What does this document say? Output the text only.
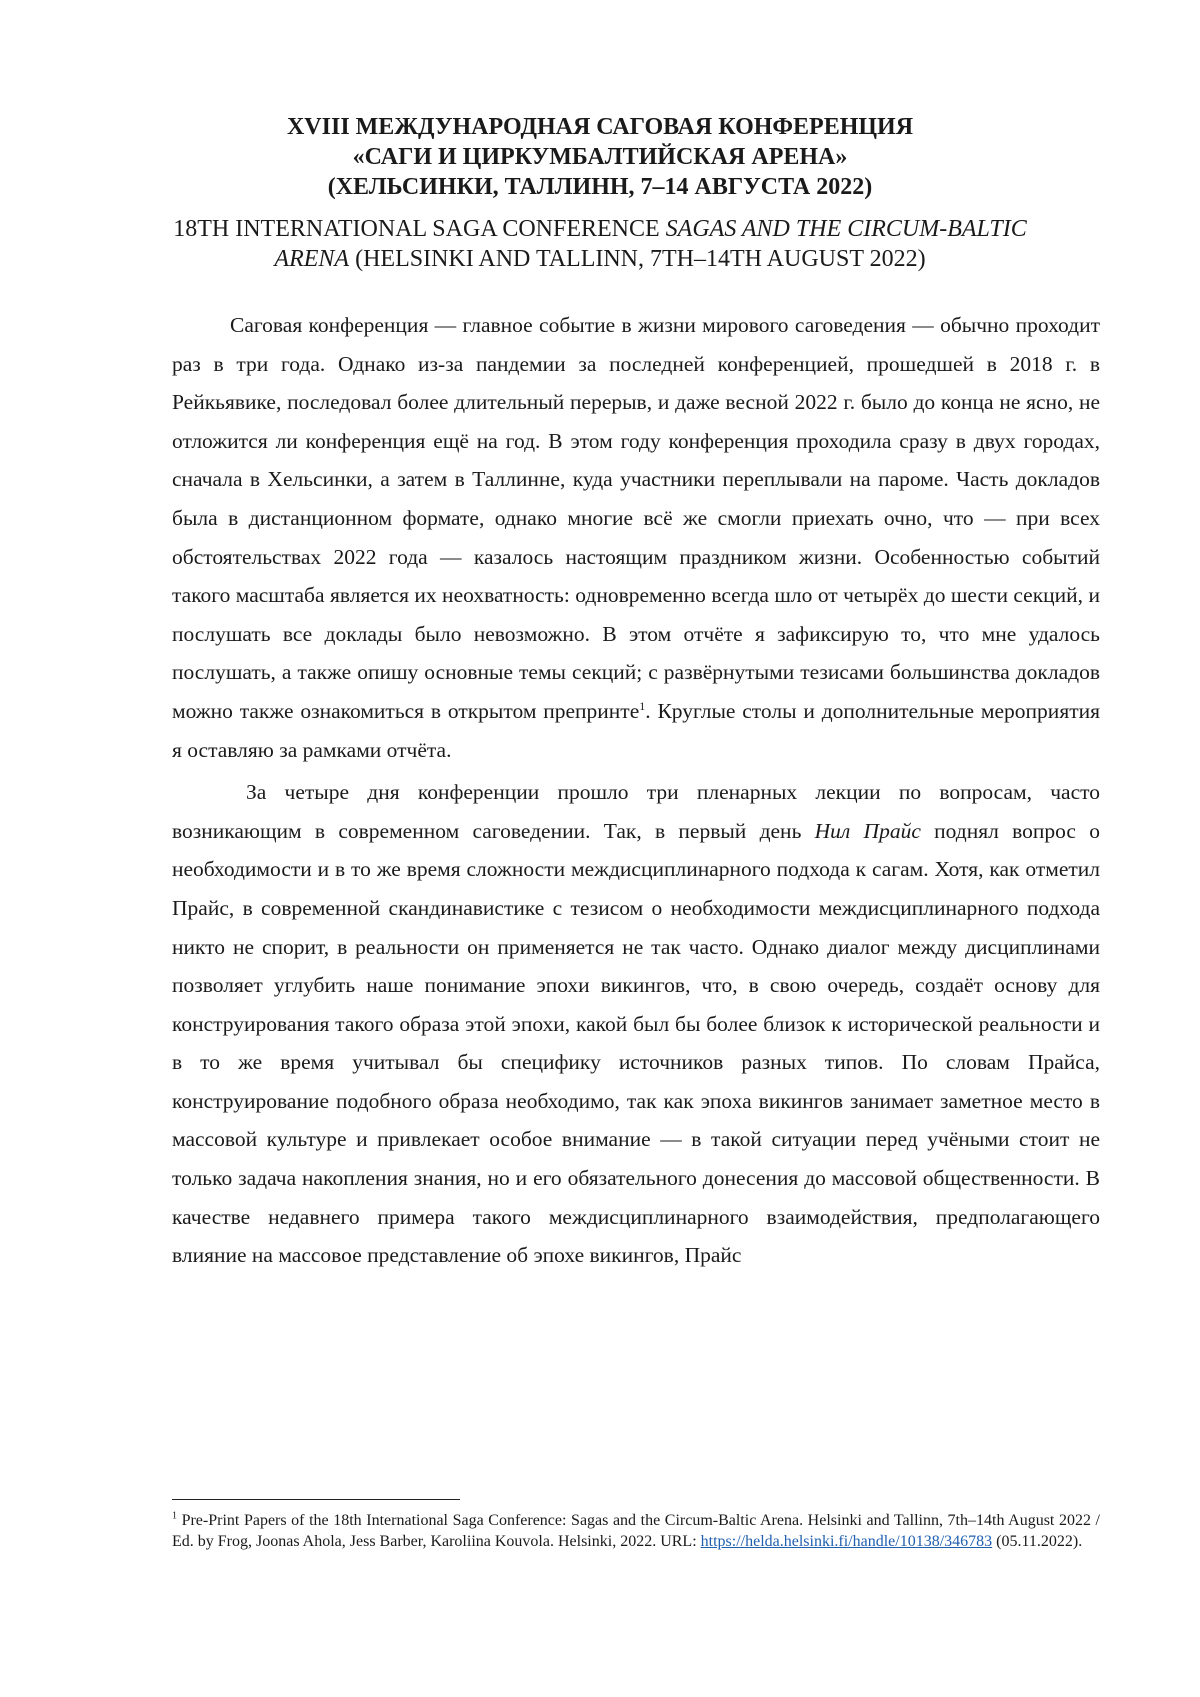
XVIII МЕЖДУНАРОДНАЯ САГОВАЯ КОНФЕРЕНЦИЯ
«САГИ И ЦИРКУМБАЛТИЙСКАЯ АРЕНА»
(ХЕЛЬСИНКИ, ТАЛЛИНН, 7–14 АВГУСТА 2022)

18TH INTERNATIONAL SAGA CONFERENCE SAGAS AND THE CIRCUM-BALTIC ARENA (HELSINKI AND TALLINN, 7TH–14TH AUGUST 2022)

Саговая конференция — главное событие в жизни мирового саговедения — обычно проходит раз в три года. Однако из-за пандемии за последней конференцией, прошедшей в 2018 г. в Рейкьявике, последовал более длительный перерыв, и даже весной 2022 г. было до конца не ясно, не отложится ли конференция ещё на год. В этом году конференция проходила сразу в двух городах, сначала в Хельсинки, а затем в Таллинне, куда участники переплывали на пароме. Часть докладов была в дистанционном формате, однако многие всё же смогли приехать очно, что — при всех обстоятельствах 2022 года — казалось настоящим праздником жизни. Особенностью событий такого масштаба является их неохватность: одновременно всегда шло от четырёх до шести секций, и послушать все доклады было невозможно. В этом отчёте я зафиксирую то, что мне удалось послушать, а также опишу основные темы секций; с развёрнутыми тезисами большинства докладов можно также ознакомиться в открытом препринте1. Круглые столы и дополнительные мероприятия я оставляю за рамками отчёта.

За четыре дня конференции прошло три пленарных лекции по вопросам, часто возникающим в современном саговедении. Так, в первый день Нил Прайс поднял вопрос о необходимости и в то же время сложности междисциплинарного подхода к сагам. Хотя, как отметил Прайс, в современной скандинавистике с тезисом о необходимости междисциплинарного подхода никто не спорит, в реальности он применяется не так часто. Однако диалог между дисциплинами позволяет углубить наше понимание эпохи викингов, что, в свою очередь, создаёт основу для конструирования такого образа этой эпохи, какой был бы более близок к исторической реальности и в то же время учитывал бы специфику источников разных типов. По словам Прайса, конструирование подобного образа необходимо, так как эпоха викингов занимает заметное место в массовой культуре и привлекает особое внимание — в такой ситуации перед учёными стоит не только задача накопления знания, но и его обязательного донесения до массовой общественности. В качестве недавнего примера такого междисциплинарного взаимодействия, предполагающего влияние на массовое представление об эпохе викингов, Прайс

1 Pre-Print Papers of the 18th International Saga Conference: Sagas and the Circum-Baltic Arena. Helsinki and Tallinn, 7th–14th August 2022 / Ed. by Frog, Joonas Ahola, Jess Barber, Karoliina Kouvola. Helsinki, 2022. URL: https://helda.helsinki.fi/handle/10138/346783 (05.11.2022).
